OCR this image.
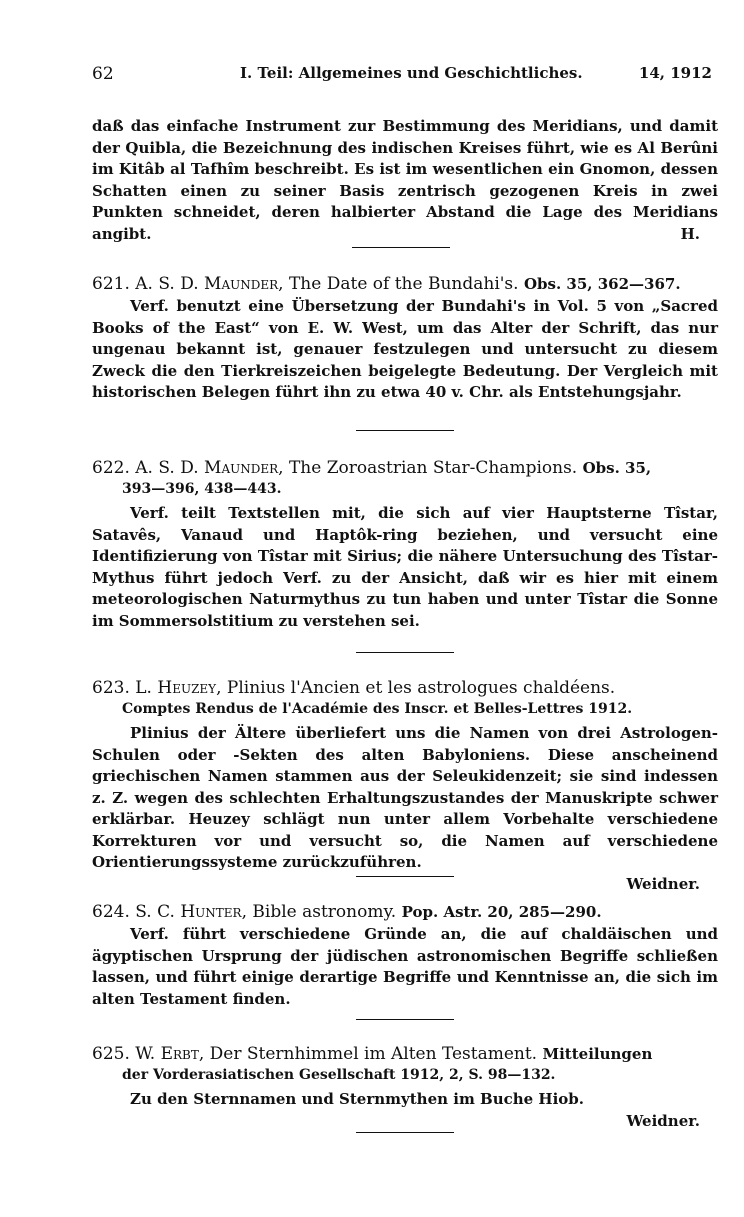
62	I. Teil: Allgemeines und Geschichtliches.	14, 1912

daß das einfache Instrument zur Bestimmung des Meridians, und damit der Quibla, die Bezeichnung des indischen Kreises führt, wie es Al Berûni im Kitâb al Tafhîm beschreibt. Es ist im wesentlichen ein Gnomon, dessen Schatten einen zu seiner Basis zentrisch gezogenen Kreis in zwei Punkten schneidet, deren halbierter Abstand die Lage des Meridians angibt.	H.

621. A. S. D. Maunder, The Date of the Bundahi's. Obs. 35, 362—367.

Verf. benutzt eine Übersetzung der Bundahi's in Vol. 5 von „Sacred Books of the East“ von E. W. West, um das Alter der Schrift, das nur ungenau bekannt ist, genauer festzulegen und untersucht zu diesem Zweck die den Tierkreiszeichen beigelegte Bedeutung. Der Vergleich mit historischen Belegen führt ihn zu etwa 40 v. Chr. als Entstehungsjahr.

622. A. S. D. Maunder, The Zoroastrian Star-Champions. Obs. 35,

393—396, 438—443.

Verf. teilt Textstellen mit, die sich auf vier Hauptsterne Tîstar, Satavês, Vanaud und Haptôk-ring beziehen, und versucht eine Identifizierung von Tîstar mit Sirius; die nähere Untersuchung des Tîstar-Mythus führt jedoch Verf. zu der Ansicht, daß wir es hier mit einem meteorologischen Naturmythus zu tun haben und unter Tîstar die Sonne im Sommersolstitium zu verstehen sei.

623. L. Heuzey, Plinius l'Ancien et les astrologues chaldéens.

Comptes Rendus de l'Académie des Inscr. et Belles-Lettres 1912.

Plinius der Ältere überliefert uns die Namen von drei Astrologen-Schulen oder -Sekten des alten Babyloniens. Diese anscheinend griechischen Namen stammen aus der Seleukidenzeit; sie sind indessen z. Z. wegen des schlechten Erhaltungszustandes der Manuskripte schwer erklärbar. Heuzey schlägt nun unter allem Vorbehalte verschiedene Korrekturen vor und versucht so, die Namen auf verschiedene Orientierungssysteme zurückzuführen.

Weidner.

624. S. C. Hunter, Bible astronomy. Pop. Astr. 20, 285—290.

Verf. führt verschiedene Gründe an, die auf chaldäischen und ägyptischen Ursprung der jüdischen astronomischen Begriffe schließen lassen, und führt einige derartige Begriffe und Kenntnisse an, die sich im alten Testament finden.

625. W. Erbt, Der Sternhimmel im Alten Testament. Mitteilungen

der Vorderasiatischen Gesellschaft 1912, 2, S. 98—132.

Zu den Sternnamen und Sternmythen im Buche Hiob.

Weidner.
